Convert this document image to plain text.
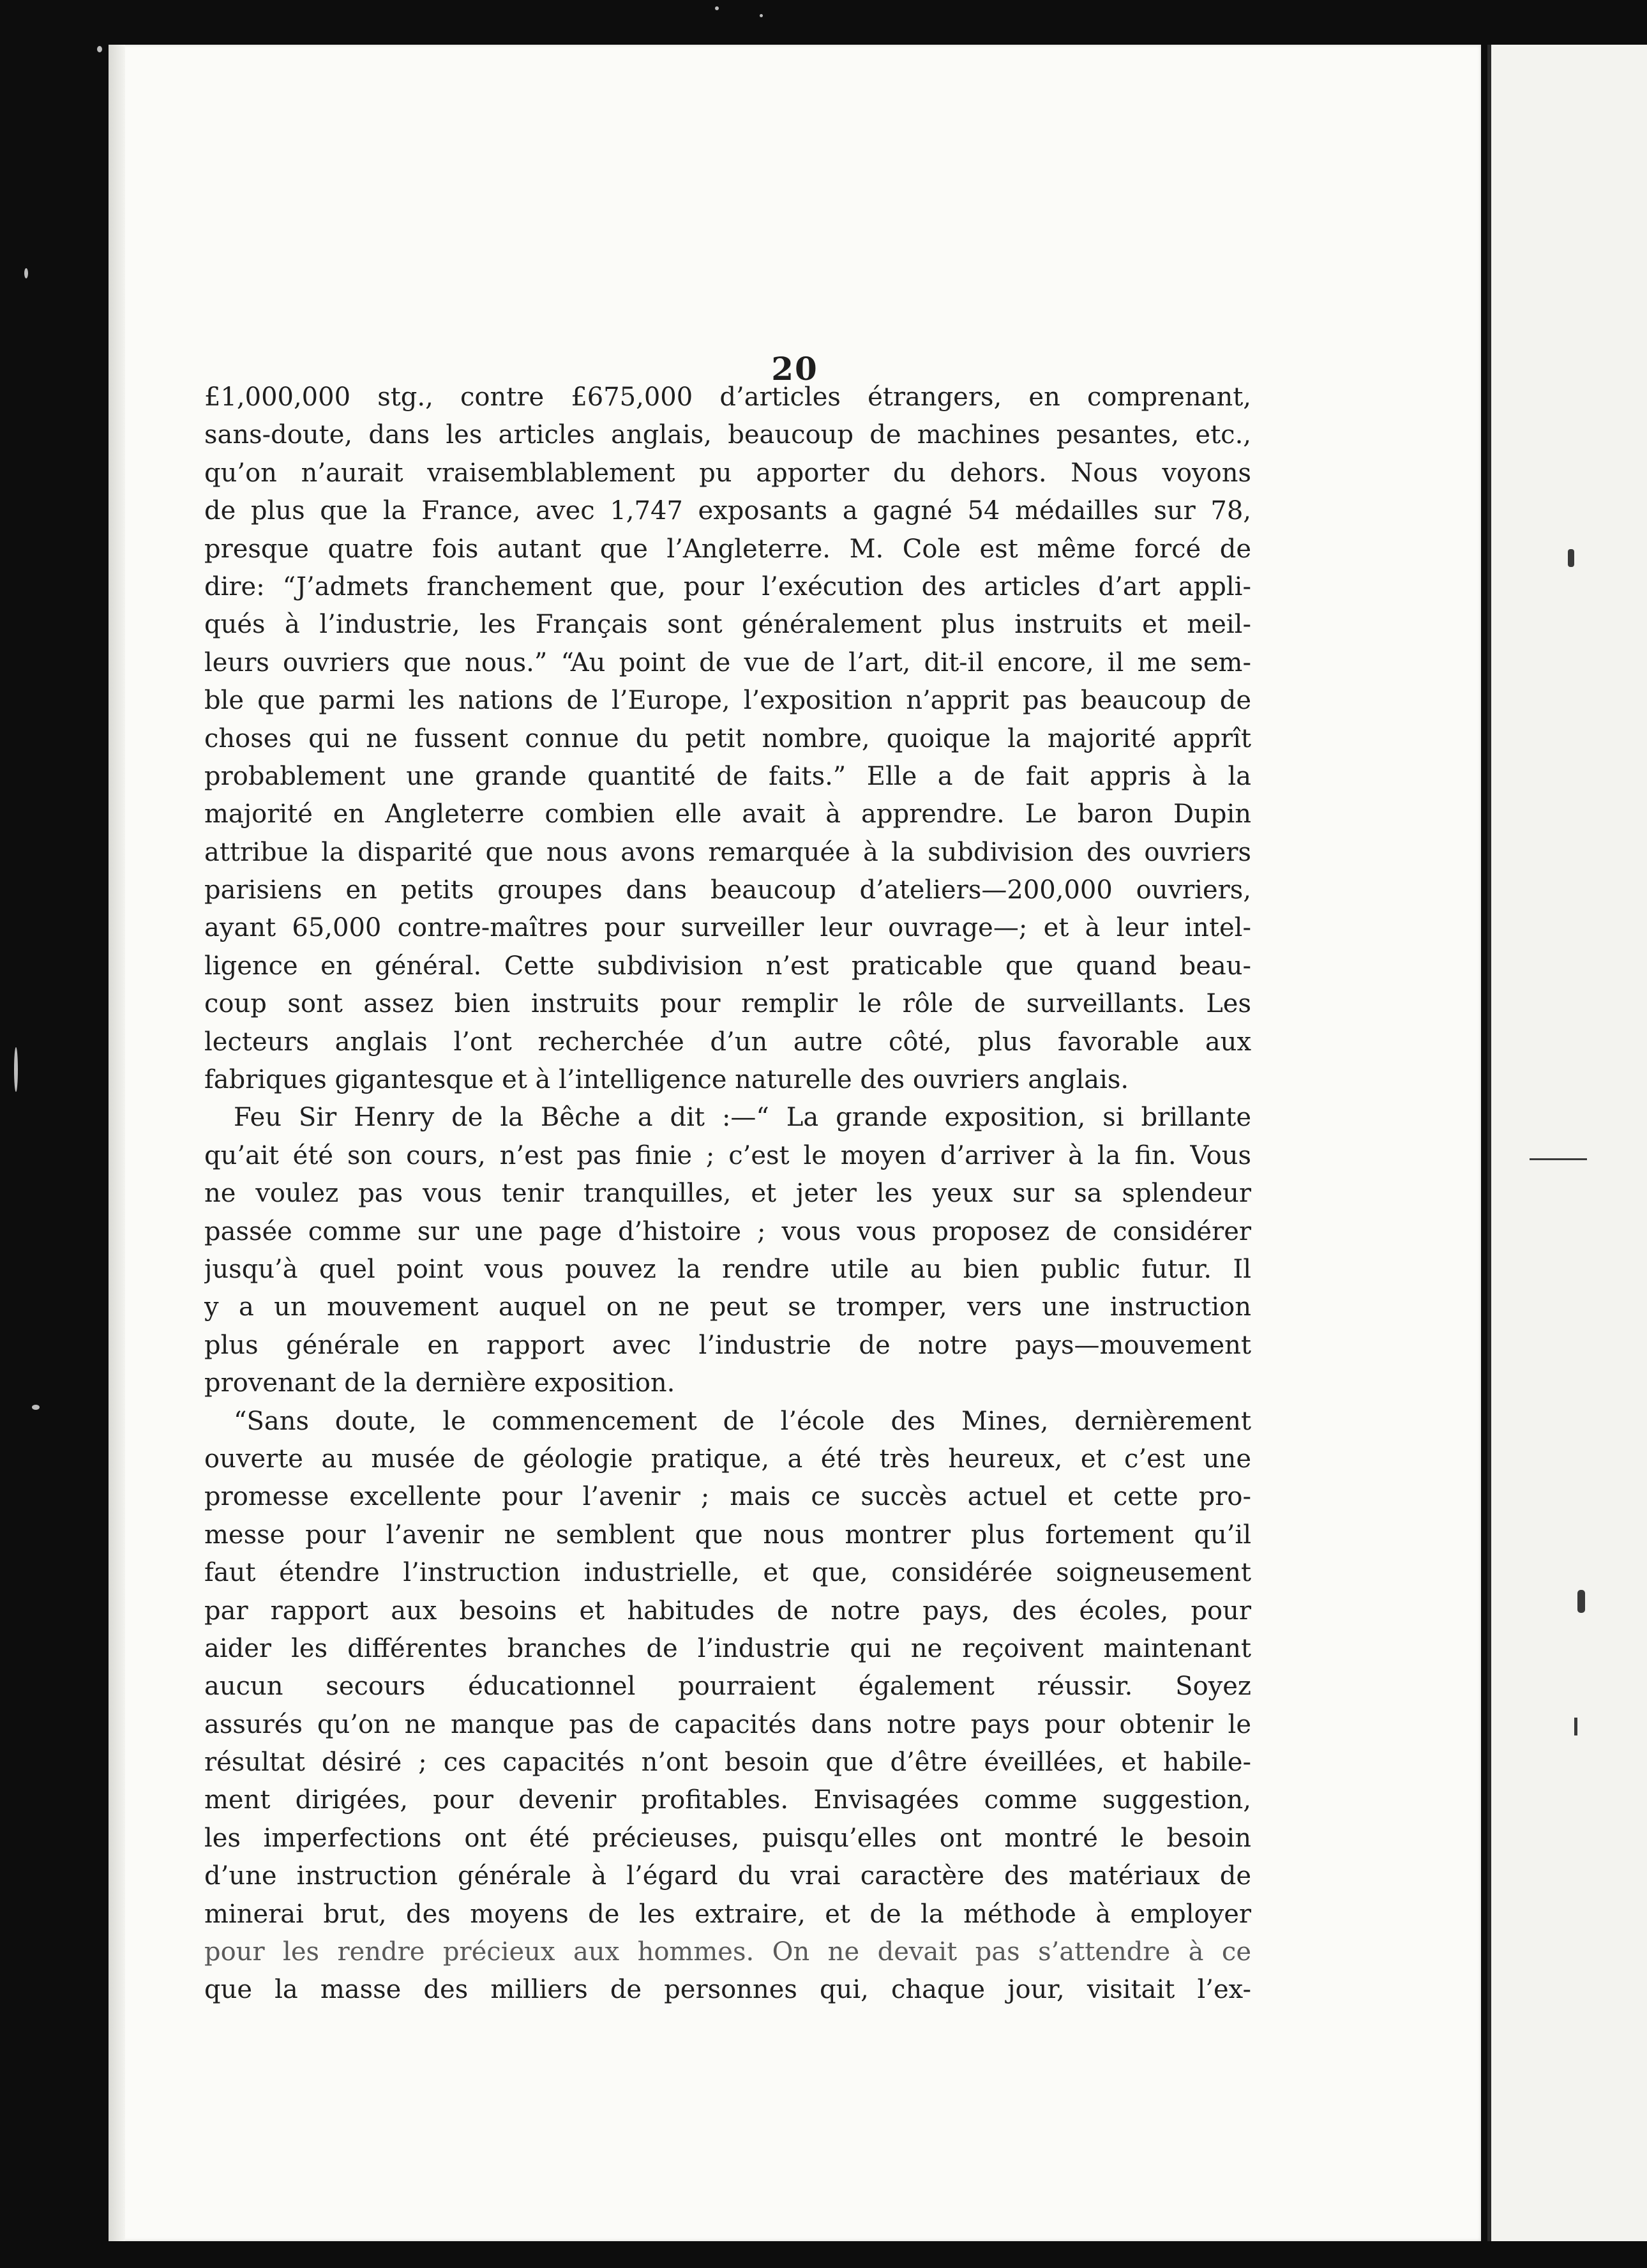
20
£1,000,000 stg., contre £675,000 d’articles étrangers, en comprenant,
sans-doute, dans les articles anglais, beaucoup de machines pesantes, etc.,
qu’on n’aurait vraisemblablement pu apporter du dehors. Nous voyons
de plus que la France, avec 1,747 exposants a gagné 54 médailles sur 78,
presque quatre fois autant que l’Angleterre. M. Cole est même forcé de
dire: “J’admets franchement que, pour l’exécution des articles d’art appli-
qués à l’industrie, les Français sont généralement plus instruits et meil-
leurs ouvriers que nous.” “Au point de vue de l’art, dit-il encore, il me sem-
ble que parmi les nations de l’Europe, l’exposition n’apprit pas beaucoup de
choses qui ne fussent connue du petit nombre, quoique la majorité apprît
probablement une grande quantité de faits.” Elle a de fait appris à la
majorité en Angleterre combien elle avait à apprendre. Le baron Dupin
attribue la disparité que nous avons remarquée à la subdivision des ouvriers
parisiens en petits groupes dans beaucoup d’ateliers—200,000 ouvriers,
ayant 65,000 contre-maîtres pour surveiller leur ouvrage—; et à leur intel-
ligence en général. Cette subdivision n’est praticable que quand beau-
coup sont assez bien instruits pour remplir le rôle de surveillants. Les
lecteurs anglais l’ont recherchée d’un autre côté, plus favorable aux
fabriques gigantesque et à l’intelligence naturelle des ouvriers anglais.
Feu Sir Henry de la Bêche a dit :—“ La grande exposition, si brillante
qu’ait été son cours, n’est pas finie ; c’est le moyen d’arriver à la fin. Vous
ne voulez pas vous tenir tranquilles, et jeter les yeux sur sa splendeur
passée comme sur une page d’histoire ; vous vous proposez de considérer
jusqu’à quel point vous pouvez la rendre utile au bien public futur. Il
y a un mouvement auquel on ne peut se tromper, vers une instruction
plus générale en rapport avec l’industrie de notre pays—mouvement
provenant de la dernière exposition.
“Sans doute, le commencement de l’école des Mines, dernièrement
ouverte au musée de géologie pratique, a été très heureux, et c’est une
promesse excellente pour l’avenir ; mais ce succès actuel et cette pro-
messe pour l’avenir ne semblent que nous montrer plus fortement qu’il
faut étendre l’instruction industrielle, et que, considérée soigneusement
par rapport aux besoins et habitudes de notre pays, des écoles, pour
aider les différentes branches de l’industrie qui ne reçoivent maintenant
aucun secours éducationnel pourraient également réussir. Soyez
assurés qu’on ne manque pas de capacités dans notre pays pour obtenir le
résultat désiré ; ces capacités n’ont besoin que d’être éveillées, et habile-
ment dirigées, pour devenir profitables. Envisagées comme suggestion,
les imperfections ont été précieuses, puisqu’elles ont montré le besoin
d’une instruction générale à l’égard du vrai caractère des matériaux de
minerai brut, des moyens de les extraire, et de la méthode à employer
pour les rendre précieux aux hommes. On ne devait pas s’attendre à ce
que la masse des milliers de personnes qui, chaque jour, visitait l’ex-
